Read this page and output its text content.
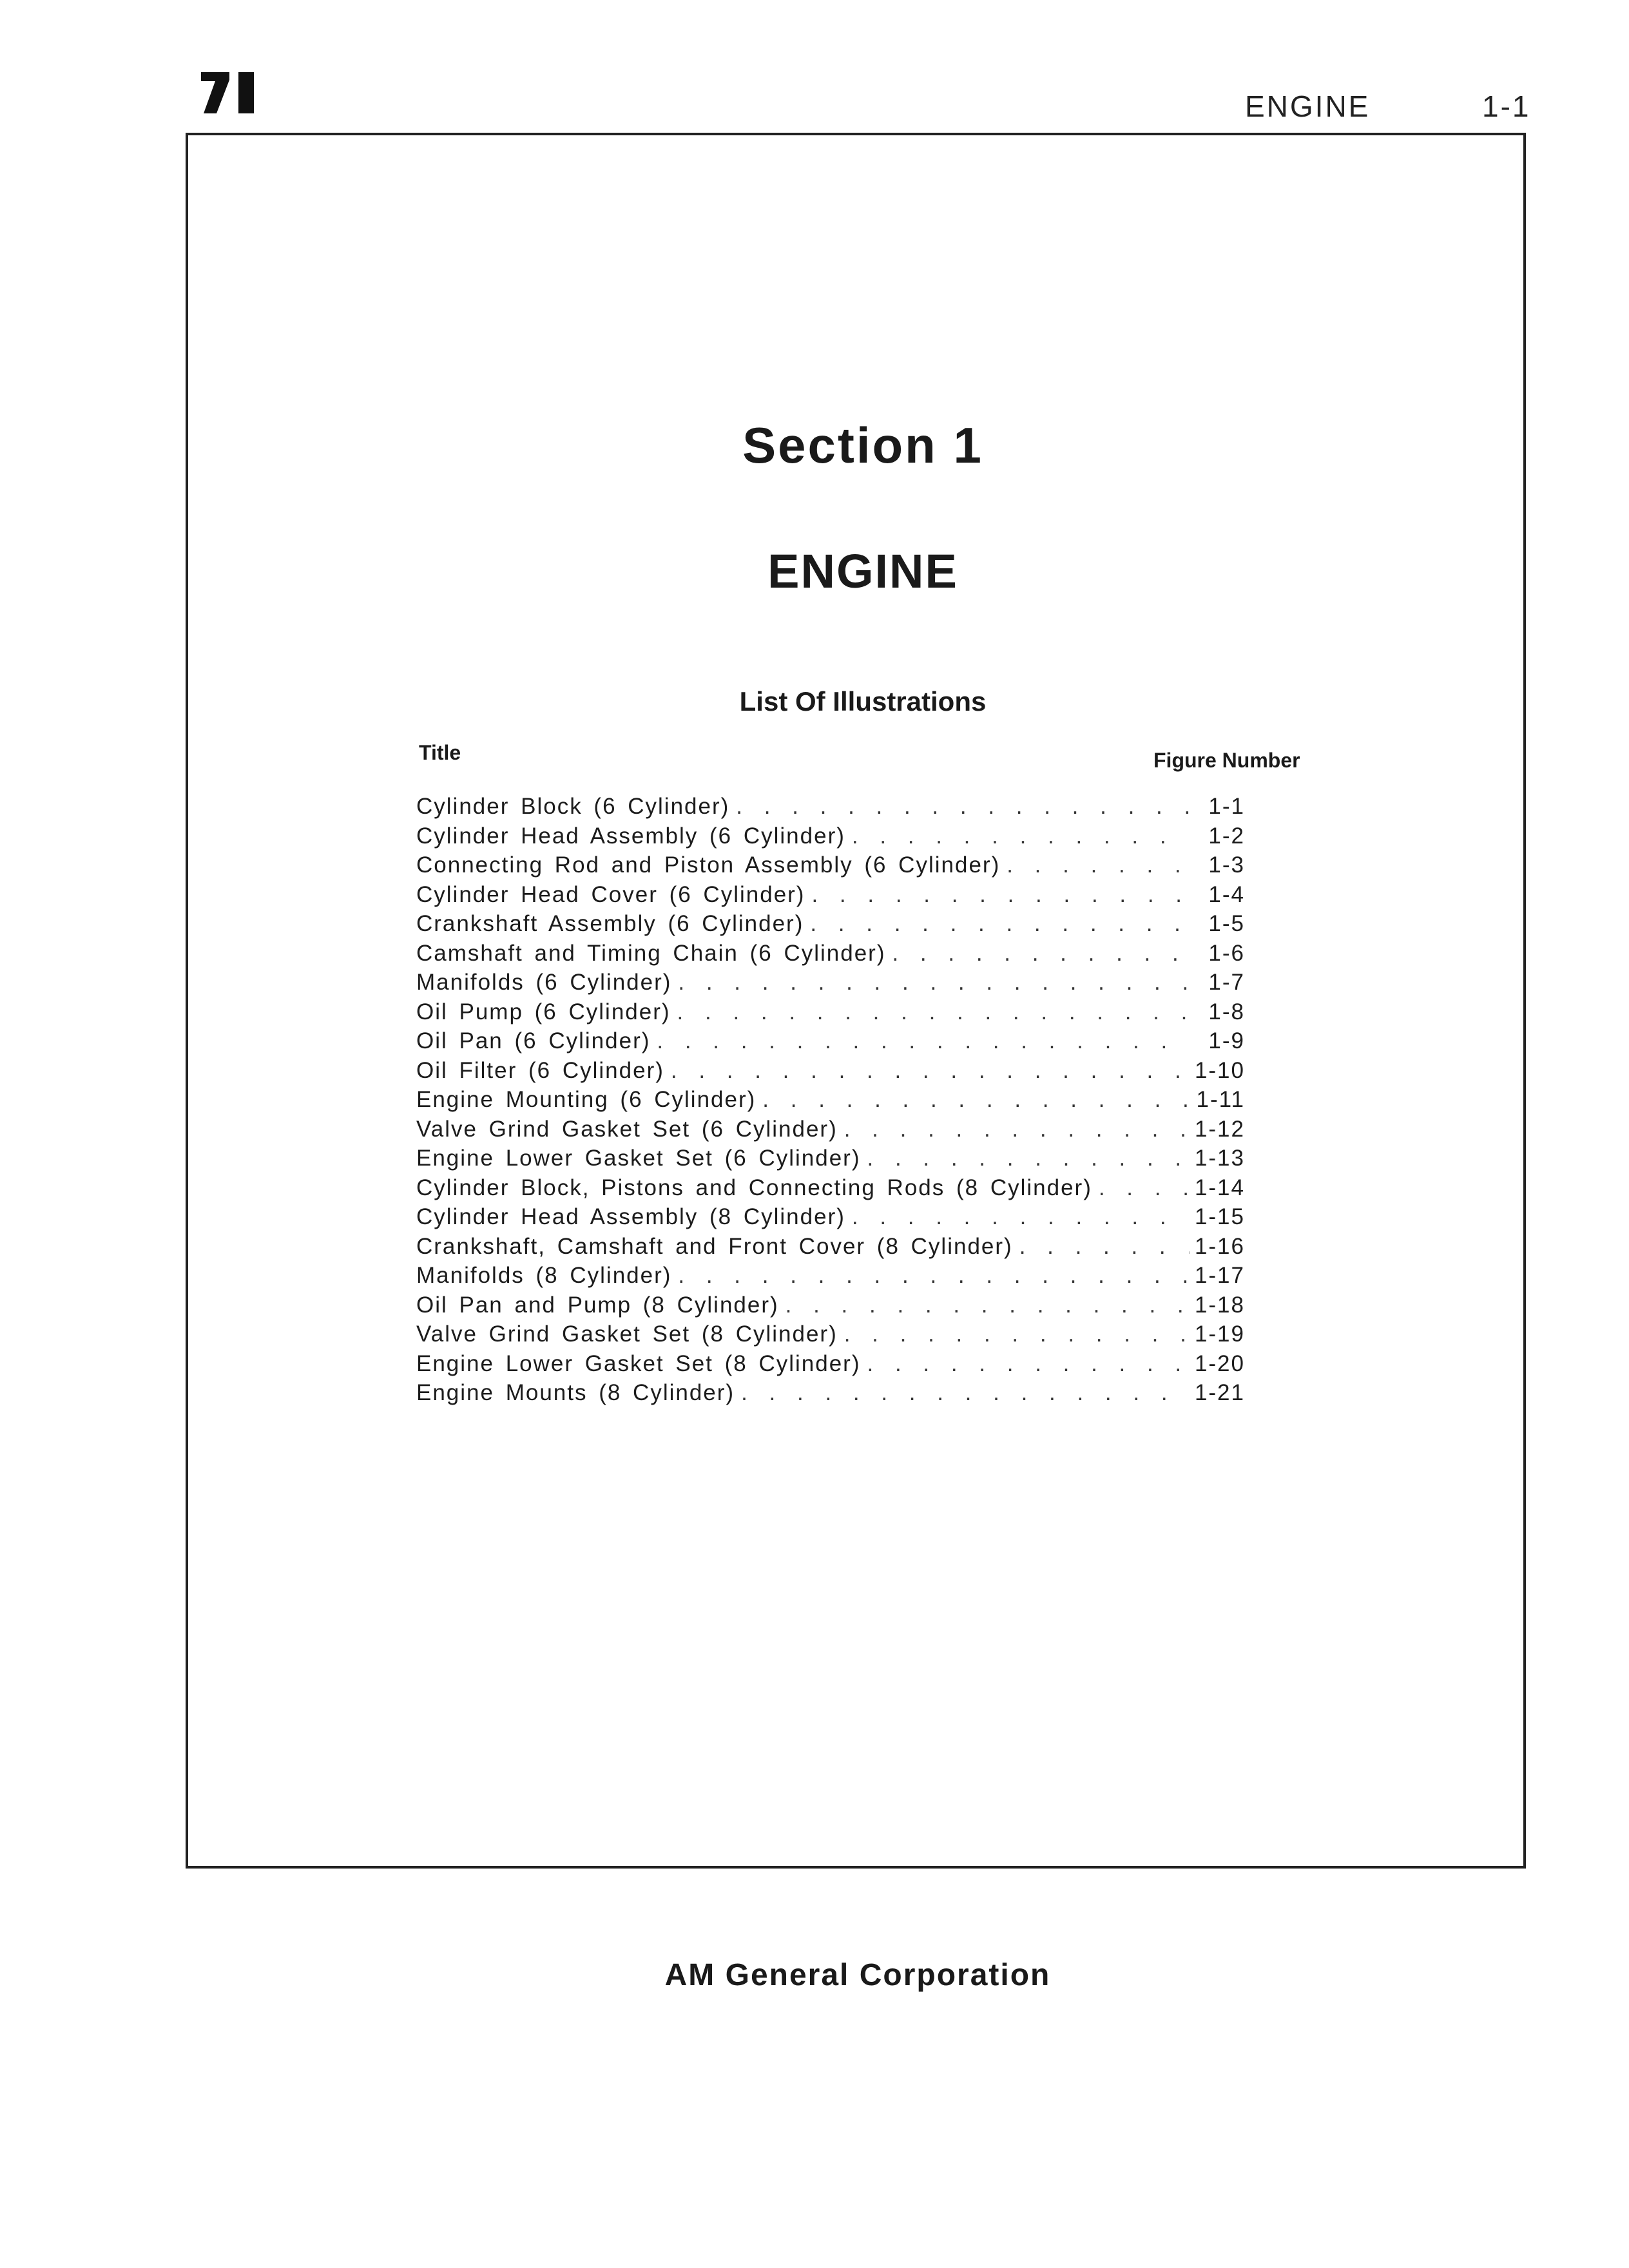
ENGINE	1-1
Section 1
ENGINE
List Of Illustrations
Title	Figure Number
Cylinder Block (6 Cylinder) . . .	1-1
Cylinder Head Assembly (6 Cylinder) . . .	1-2
Connecting Rod and Piston Assembly (6 Cylinder) . . .	1-3
Cylinder Head Cover (6 Cylinder) . . .	1-4
Crankshaft Assembly (6 Cylinder) . . .	1-5
Camshaft and Timing Chain (6 Cylinder) . . .	1-6
Manifolds (6 Cylinder) . . .	1-7
Oil Pump (6 Cylinder) . . .	1-8
Oil Pan (6 Cylinder) . . .	1-9
Oil Filter (6 Cylinder) . . .	1-10
Engine Mounting (6 Cylinder) . . .	1-11
Valve Grind Gasket Set (6 Cylinder) . . .	1-12
Engine Lower Gasket Set (6 Cylinder) . . .	1-13
Cylinder Block, Pistons and Connecting Rods (8 Cylinder) . . .	1-14
Cylinder Head Assembly (8 Cylinder) . . .	1-15
Crankshaft, Camshaft and Front Cover (8 Cylinder) . . .	1-16
Manifolds (8 Cylinder) . . .	1-17
Oil Pan and Pump (8 Cylinder) . . .	1-18
Valve Grind Gasket Set (8 Cylinder) . . .	1-19
Engine Lower Gasket Set (8 Cylinder) . . .	1-20
Engine Mounts (8 Cylinder) . . .	1-21
AM General Corporation
